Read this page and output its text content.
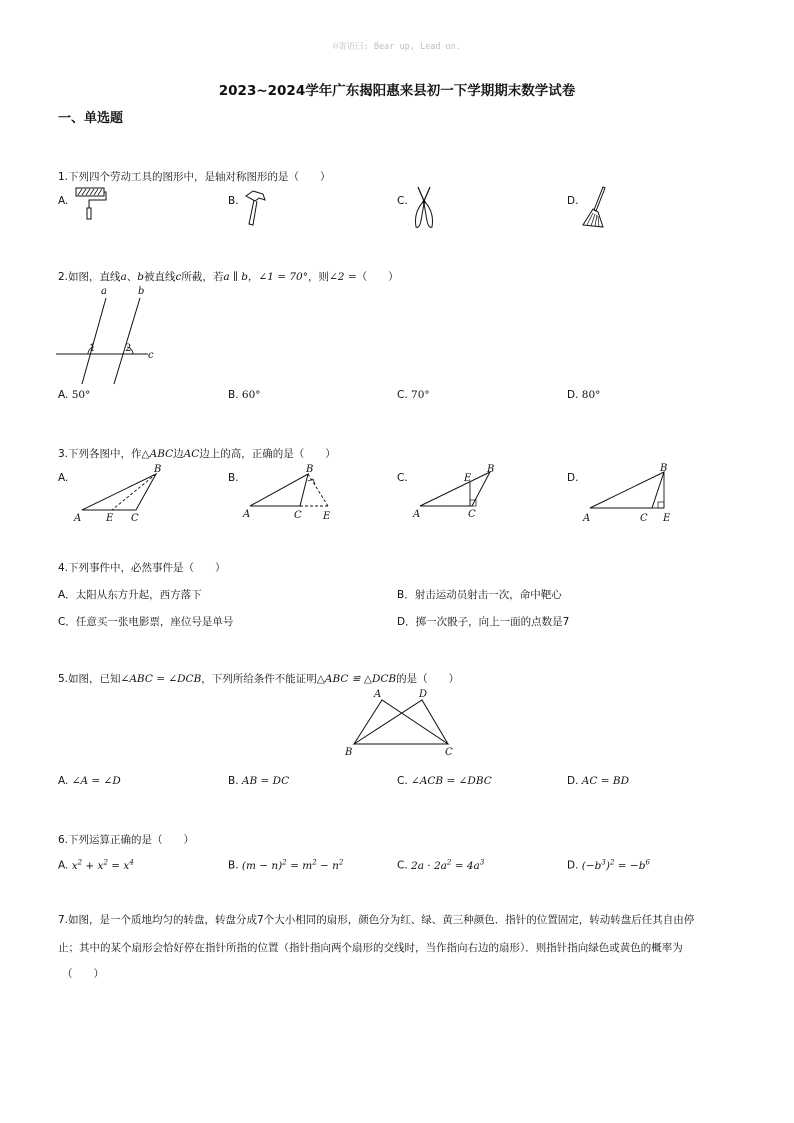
☺寄语曰: Bear up, Lead on.
2023~2024学年广东揭阳惠来县初一下学期期末数学试卷
一、单选题
1.下列四个劳动工具的图形中，是轴对称图形的是（　　）
A.	B.	C.	D.
2.如图，直线a、b被直线c所截，若a ∥ b，∠1 = 70°，则∠2 =（　　）
a	b
c
1	2
A. 50°	B. 60°	C. 70°	D. 80°
3.下列各图中，作△ABC边AC边上的高，正确的是（　　）
A.	B.	C.	D.
B
A E C
B
A	C E
B
E
A	C
B
A	C E
4.下列事件中，必然事件是（　　）
A．太阳从东方升起，西方落下	B．射击运动员射击一次，命中靶心
C．任意买一张电影票，座位号是单号	D．掷一次骰子，向上一面的点数是7
5.如图，已知∠ABC = ∠DCB，下列所给条件不能证明△ABC ≌ △DCB的是（　　）
A	D
B	C
A. ∠A = ∠D	B. AB = DC	C. ∠ACB = ∠DBC	D. AC = BD
6.下列运算正确的是（　　）
A. $x^2 + x^2 = x^4$	B. $(m - n)^2 = m^2 - n^2$	C. $2a \cdot 2a^2 = 4a^3$	D. $(-b^3)^2 = -b^6$
7.如图，是一个质地均匀的转盘，转盘分成7个大小相同的扇形，颜色分为红、绿、黄三种颜色．指针的位置固定，转动转盘后任其自由停
止；其中的某个扇形会恰好停在指针所指的位置（指针指向两个扇形的交线时，当作指向右边的扇形）．则指针指向绿色或黄色的概率为
（　　）
